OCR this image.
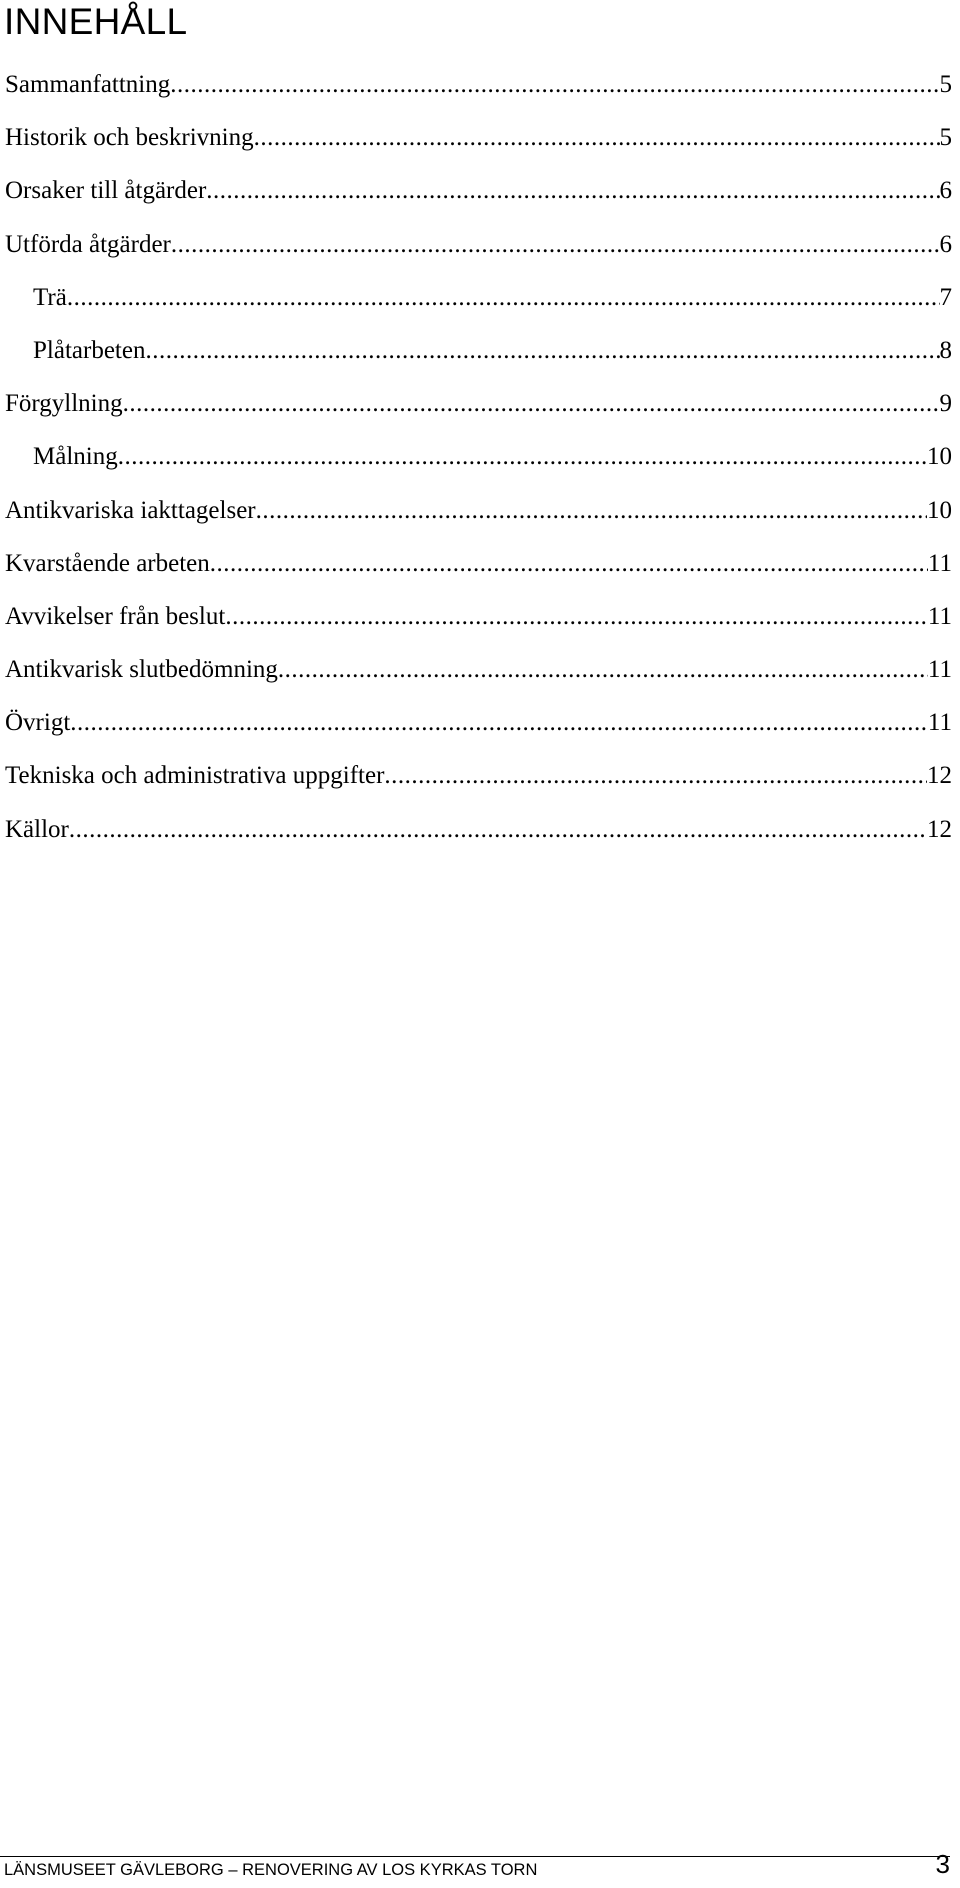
INNEHÅLL
Sammanfattning .....	5
Historik och beskrivning .....	5
Orsaker till åtgärder .....	6
Utförda åtgärder .....	6
Trä .....	7
Plåtarbeten .....	8
Förgyllning .....	9
Målning .....	10
Antikvariska iakttagelser .....	10
Kvarstående arbeten .....	11
Avvikelser från beslut .....	11
Antikvarisk slutbedömning .....	11
Övrigt .....	11
Tekniska och administrativa uppgifter .....	12
Källor .....	12
LÄNSMUSEET GÄVLEBORG – RENOVERING AV LOS KYRKAS TORN	3
